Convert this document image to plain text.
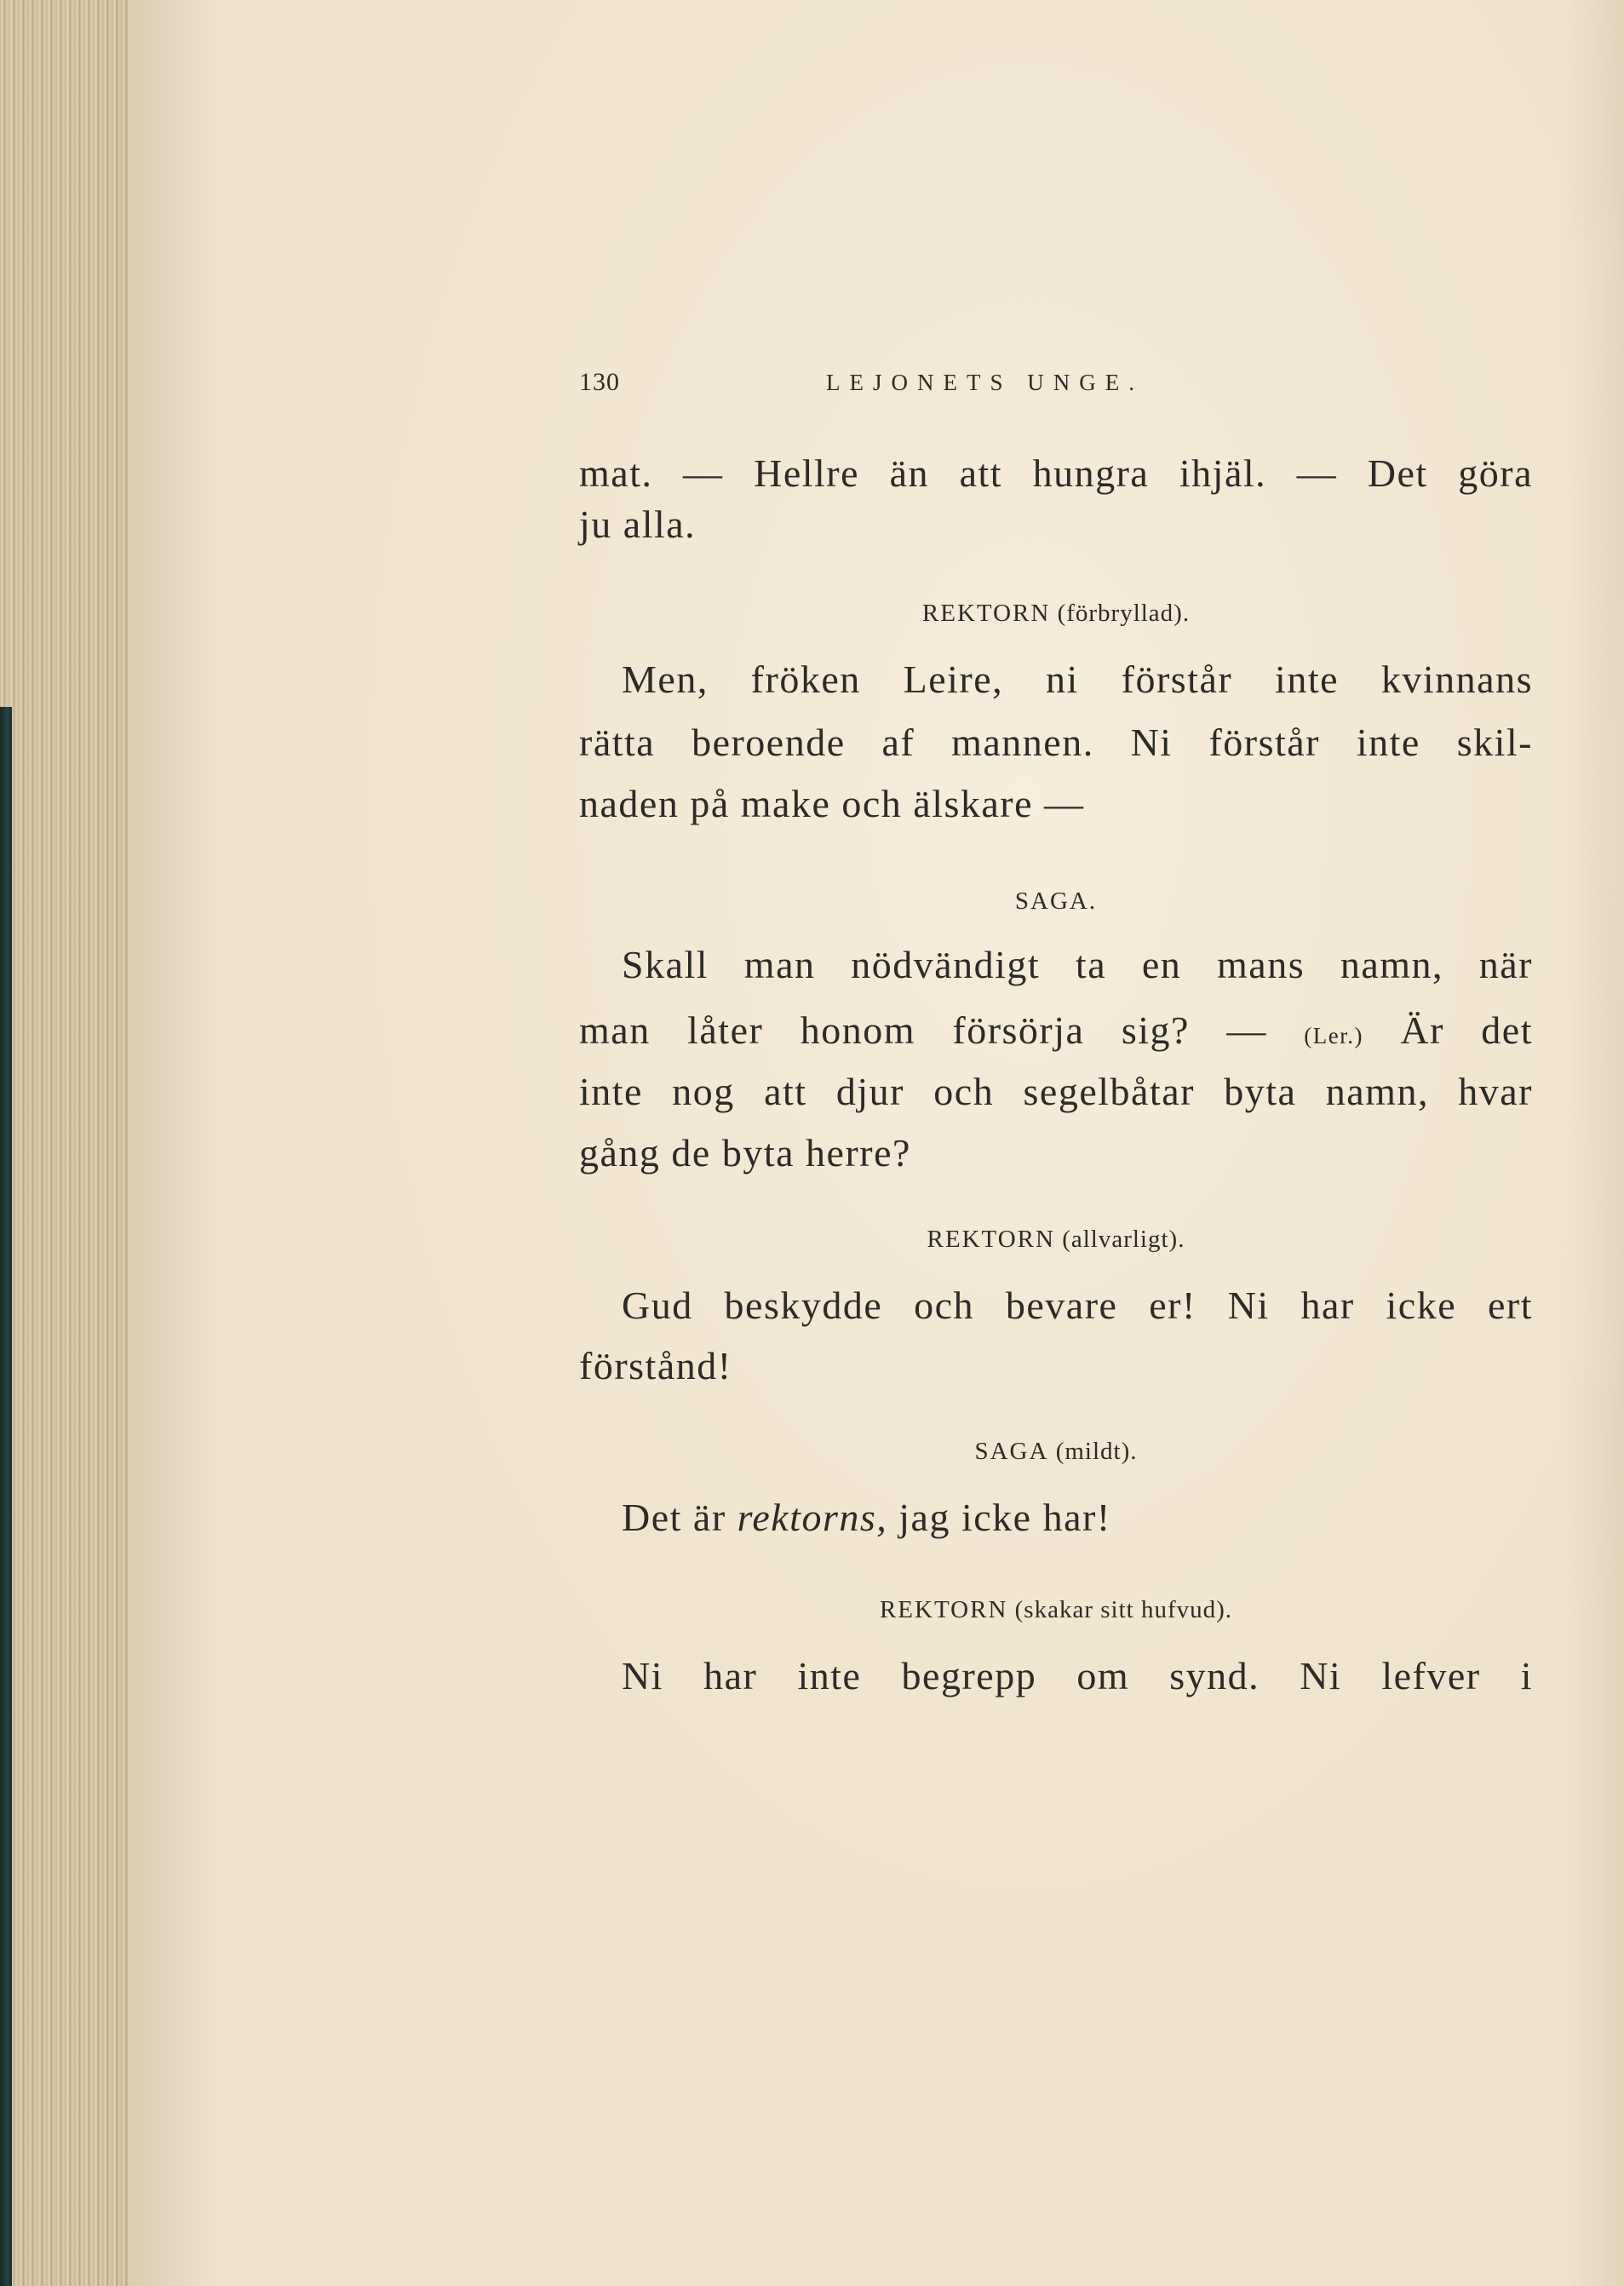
130	LEJONETS UNGE.
mat. — Hellre än att hungra ihjäl. — Det göra
ju alla.
REKTORN (förbryllad).
Men, fröken Leire, ni förstår inte kvinnans
rätta beroende af mannen. Ni förstår inte skil-
naden på make och älskare —
SAGA.
Skall man nödvändigt ta en mans namn, när
man låter honom försörja sig? — (Ler.) Är det
inte nog att djur och segelbåtar byta namn, hvar
gång de byta herre?
REKTORN (allvarligt).
Gud beskydde och bevare er! Ni har icke ert
förstånd!
SAGA (mildt).
Det är rektorns, jag icke har!
REKTORN (skakar sitt hufvud).
Ni har inte begrepp om synd. Ni lefver i
